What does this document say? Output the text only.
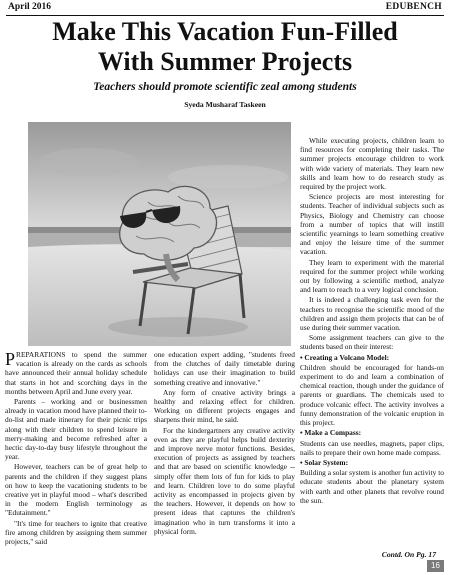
April 2016	EDUBENCH
Make This Vacation Fun-Filled
With Summer Projects
Teachers should promote scientific zeal among students
Syeda Musharaf Taskeen

PREPARATIONS to spend the summer vacation is already on the cards as schools have announced their annual holiday schedule that starts in hot and scorching days in the months between April and June every year.

Parents – working and or businessmen already in vacation mood have planned their to-do-list and made itinerary for their picnic trips along with their children to spend leisure in merry-making and become refreshed after a hectic day-to-day busy lifestyle throughout the year.

However, teachers can be of great help to parents and the children if they suggest plans on how to keep the vacationing students to be creative yet in playful mood – what's described in the modern English terminology as "Edutainment."

"It's time for teachers to ignite that creative fire among children by assigning them summer projects," said

one education expert adding, "students freed from the clutches of daily timetable during holidays can use their imagination to build something creative and innovative."

Any form of creative activity brings a healthy and relaxing effect for children. Working on different projects engages and sharpens their mind, he said.

For the kindergartners any creative activity even as they are playful helps build dexterity and improve nerve motor functions. Besides, execution of projects as assigned by teachers and that are based on scientific knowledge -- simply offer them lots of fun for kids to play and learn. Children love to do some playful activity as encompassed in projects given by the teachers. However, it depends on how to present ideas that captures the children's imagination who in turn transforms it into a physical form.

While executing projects, children learn to find resources for completing their tasks. The summer projects encourage children to work with wide variety of materials. They learn new skills and learn how to do research study as required by the project work.

Science projects are most interesting for students. Teacher of individual subjects such as Physics, Biology and Chemistry can choose from a number of topics that will instill scientific yearnings to learn something creative and enjoy the leisure time of the summer vacation.

They learn to experiment with the material required for the summer project while working out by following a scientific method, analyze and learn to reach to a very logical conclusion.

It is indeed a challenging task even for the teachers to recognise the scientific mood of the children and assign them projects that can be of use during their summer vacation.

Some assignment teachers can give to the students based on their interest:

• Creating a Volcano Model:

Children should be encouraged for hands-on experiment to do and learn a combination of chemical reaction, though under the guidance of parents or guardians. The chemicals used to produce volcanic effect. The activity involves a funny demonstration of the volcanic eruption in this project.

• Make a Compass:

Students can use needles, magnets, paper clips, nails to prepare their own home made compass.

• Solar System:

Building a solar system is another fun activity to educate students about the planetary system with earth and other planets that revolve round the sun.

Contd. On Pg. 17
16
